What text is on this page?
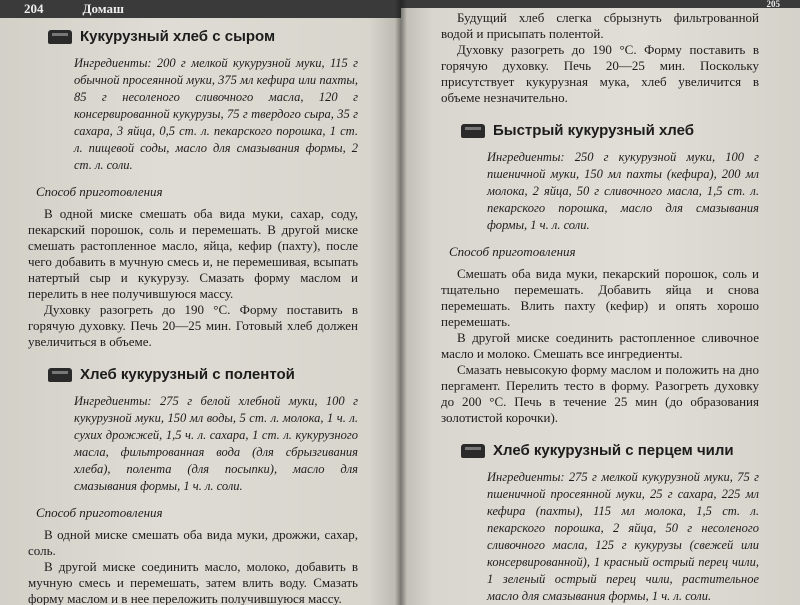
204	Домаш
Кукурузный хлеб с сыром
Ингредиенты: 200 г мелкой кукурузной муки, 115 г обычной просеянной муки, 375 мл кефира или пахты, 85 г несоленого сливочного масла, 120 г консервированной кукурузы, 75 г твердого сыра, 35 г сахара, 3 яйца, 0,5 ст. л. пекарского порошка, 1 ст. л. пищевой соды, масло для смазывания формы, 2 ст. л. соли.
Способ приготовления

В одной миске смешать оба вида муки, сахар, соду, пекарский порошок, соль и перемешать. В другой миске смешать растопленное масло, яйца, кефир (пахту), после чего добавить в мучную смесь и, не перемешивая, всыпать натертый сыр и кукурузу. Смазать форму маслом и перелить в нее получившуюся массу.

Духовку разогреть до 190 °С. Форму поставить в горячую духовку. Печь 20—25 мин. Готовый хлеб должен увеличиться в объеме.

Хлеб кукурузный с полентой
Ингредиенты: 275 г белой хлебной муки, 100 г кукурузной муки, 150 мл воды, 5 ст. л. молока, 1 ч. л. сухих дрожжей, 1,5 ч. л. сахара, 1 ст. л. кукурузного масла, фильтрованная вода (для сбрызгивания хлеба), полента (для посыпки), масло для смазывания формы, 1 ч. л. соли.
Способ приготовления

В одной миске смешать оба вида муки, дрожжи, сахар, соль.

В другой миске соединить масло, молоко, добавить в мучную смесь и перемешать, затем влить воду. Смазать форму маслом и в нее переложить получившуюся массу.

205

Будущий хлеб слегка сбрызнуть фильтрованной водой и присыпать полентой.

Духовку разогреть до 190 °С. Форму поставить в горячую духовку. Печь 20—25 мин. Поскольку присутствует кукурузная мука, хлеб увеличится в объеме незначительно.

Быстрый кукурузный хлеб
Ингредиенты: 250 г кукурузной муки, 100 г пшеничной муки, 150 мл пахты (кефира), 200 мл молока, 2 яйца, 50 г сливочного масла, 1,5 ст. л. пекарского порошка, масло для смазывания формы, 1 ч. л. соли.
Способ приготовления

Смешать оба вида муки, пекарский порошок, соль и тщательно перемешать. Добавить яйца и снова перемешать. Влить пахту (кефир) и опять хорошо перемешать.

В другой миске соединить растопленное сливочное масло и молоко. Смешать все ингредиенты.

Смазать невысокую форму маслом и положить на дно пергамент. Перелить тесто в форму. Разогреть духовку до 200 °С. Печь в течение 25 мин (до образования золотистой корочки).

Хлеб кукурузный с перцем чили
Ингредиенты: 275 г мелкой кукурузной муки, 75 г пшеничной просеянной муки, 25 г сахара, 225 мл кефира (пахты), 115 мл молока, 1,5 ст. л. пекарского порошка, 2 яйца, 50 г несоленого сливочного масла, 125 г кукурузы (свежей или консервированной), 1 красный острый перец чили, 1 зеленый острый перец чили, растительное масло для смазывания формы, 1 ч. л. соли.
